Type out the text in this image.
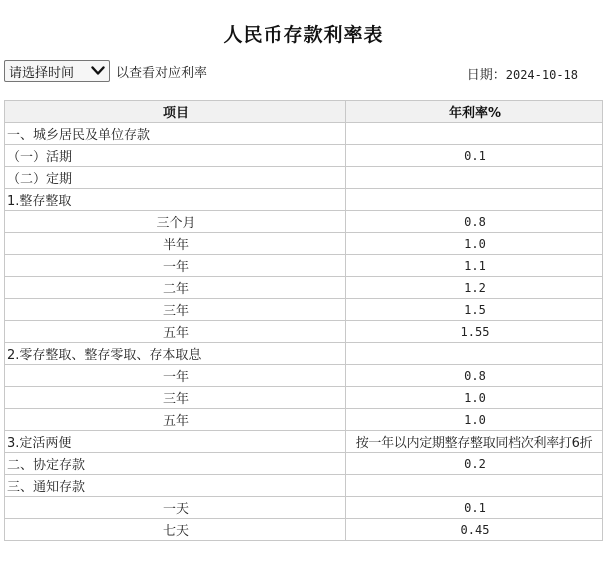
人民币存款利率表
请选择时间	以查看对应利率	日期：2024-10-18
项目	年利率%
一、城乡居民及单位存款	
（一）活期	0.1
（二）定期	
1.整存整取	
三个月	0.8
半年	1.0
一年	1.1
二年	1.2
三年	1.5
五年	1.55
2.零存整取、整存零取、存本取息	
一年	0.8
三年	1.0
五年	1.0
3.定活两便	按一年以内定期整存整取同档次利率打6折
二、协定存款	0.2
三、通知存款	
一天	0.1
七天	0.45
